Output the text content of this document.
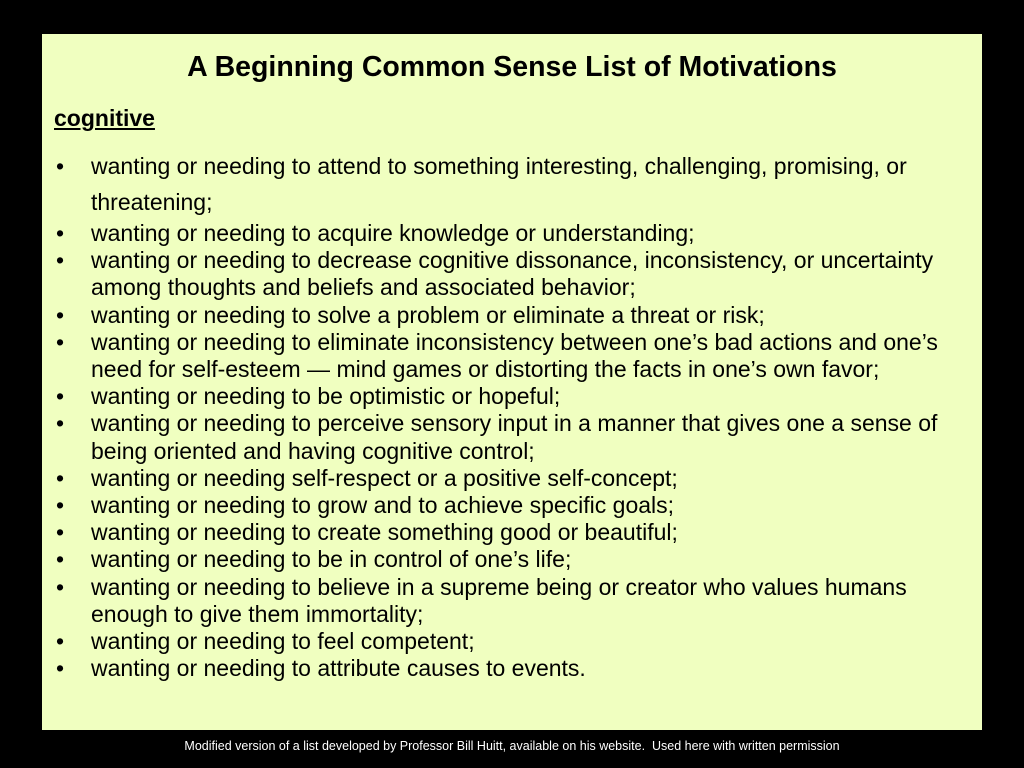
A Beginning Common Sense List of Motivations
cognitive
• wanting or needing to attend to something interesting, challenging, promising, or threatening;
• wanting or needing to acquire knowledge or understanding;
• wanting or needing to decrease cognitive dissonance, inconsistency, or uncertainty among thoughts and beliefs and associated behavior;
• wanting or needing to solve a problem or eliminate a threat or risk;
• wanting or needing to eliminate inconsistency between one’s bad actions and one’s need for self-esteem — mind games or distorting the facts in one’s own favor;
• wanting or needing to be optimistic or hopeful;
• wanting or needing to perceive sensory input in a manner that gives one a sense of being oriented and having cognitive control;
• wanting or needing self-respect or a positive self-concept;
• wanting or needing to grow and to achieve specific goals;
• wanting or needing to create something good or beautiful;
• wanting or needing to be in control of one’s life;
• wanting or needing to believe in a supreme being or creator who values humans enough to give them immortality;
• wanting or needing to feel competent;
• wanting or needing to attribute causes to events.
Modified version of a list developed by Professor Bill Huitt, available on his website.  Used here with written permission
